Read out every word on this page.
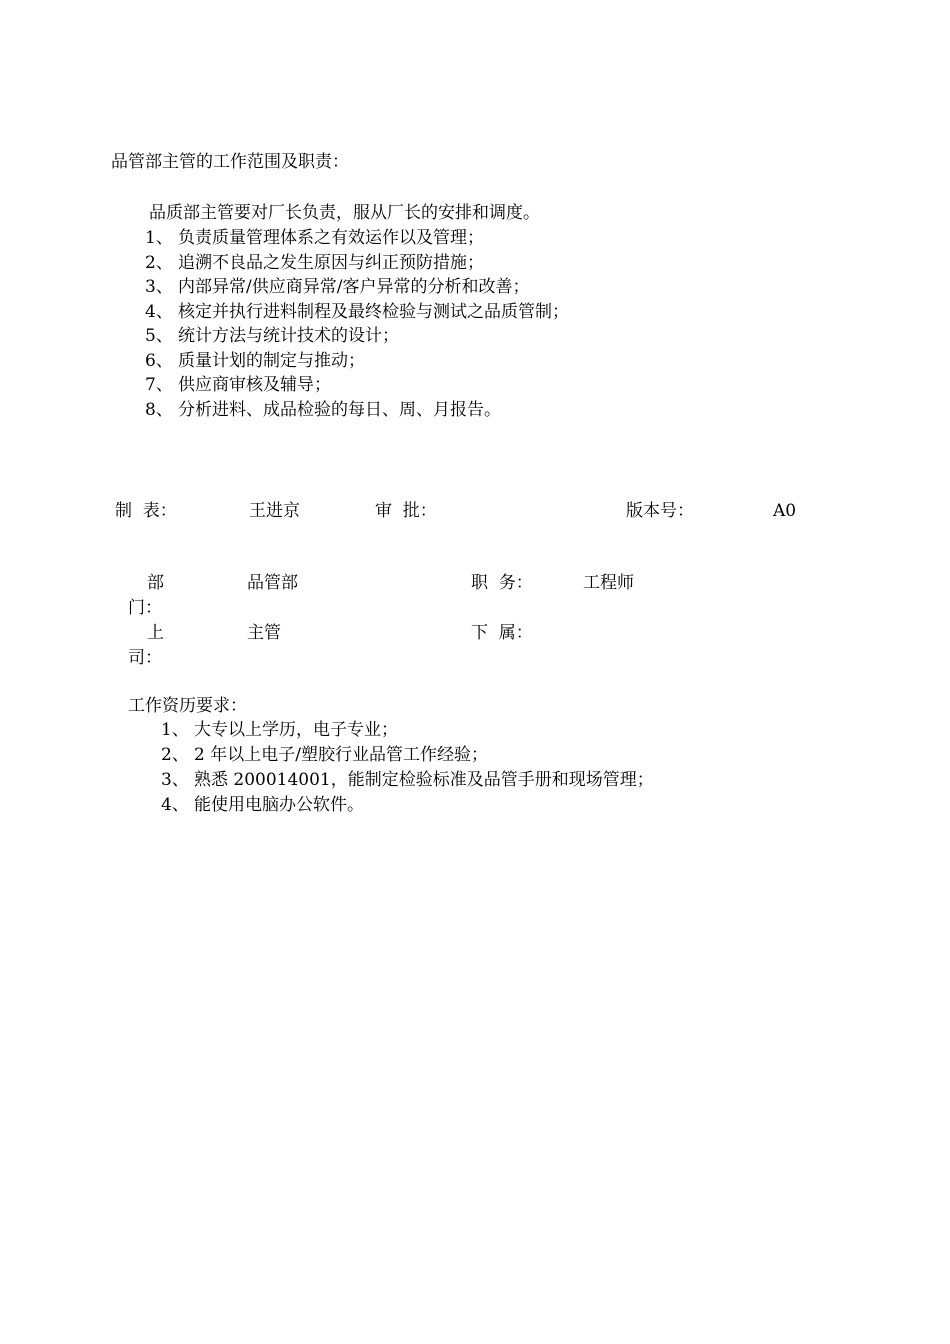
品管部主管的工作范围及职责：
品质部主管要对厂长负责，服从厂长的安排和调度。
1、 负责质量管理体系之有效运作以及管理；
2、 追溯不良品之发生原因与纠正预防措施；
3、 内部异常/供应商异常/客户异常的分析和改善；
4、 核定并执行进料制程及最终检验与测试之品质管制；
5、 统计方法与统计技术的设计；
6、 质量计划的制定与推动；
7、 供应商审核及辅导；
8、 分析进料、成品检验的每日、周、月报告。
制  表：	王进京	审  批：	版本号：	A0
部
门：
品管部	职  务：	工程师
上
司：
主管	下  属：
工作资历要求：
1、 大专以上学历，电子专业；
2、 2 年以上电子/塑胶行业品管工作经验；
3、 熟悉 200014001，能制定检验标准及品管手册和现场管理；
4、 能使用电脑办公软件。
